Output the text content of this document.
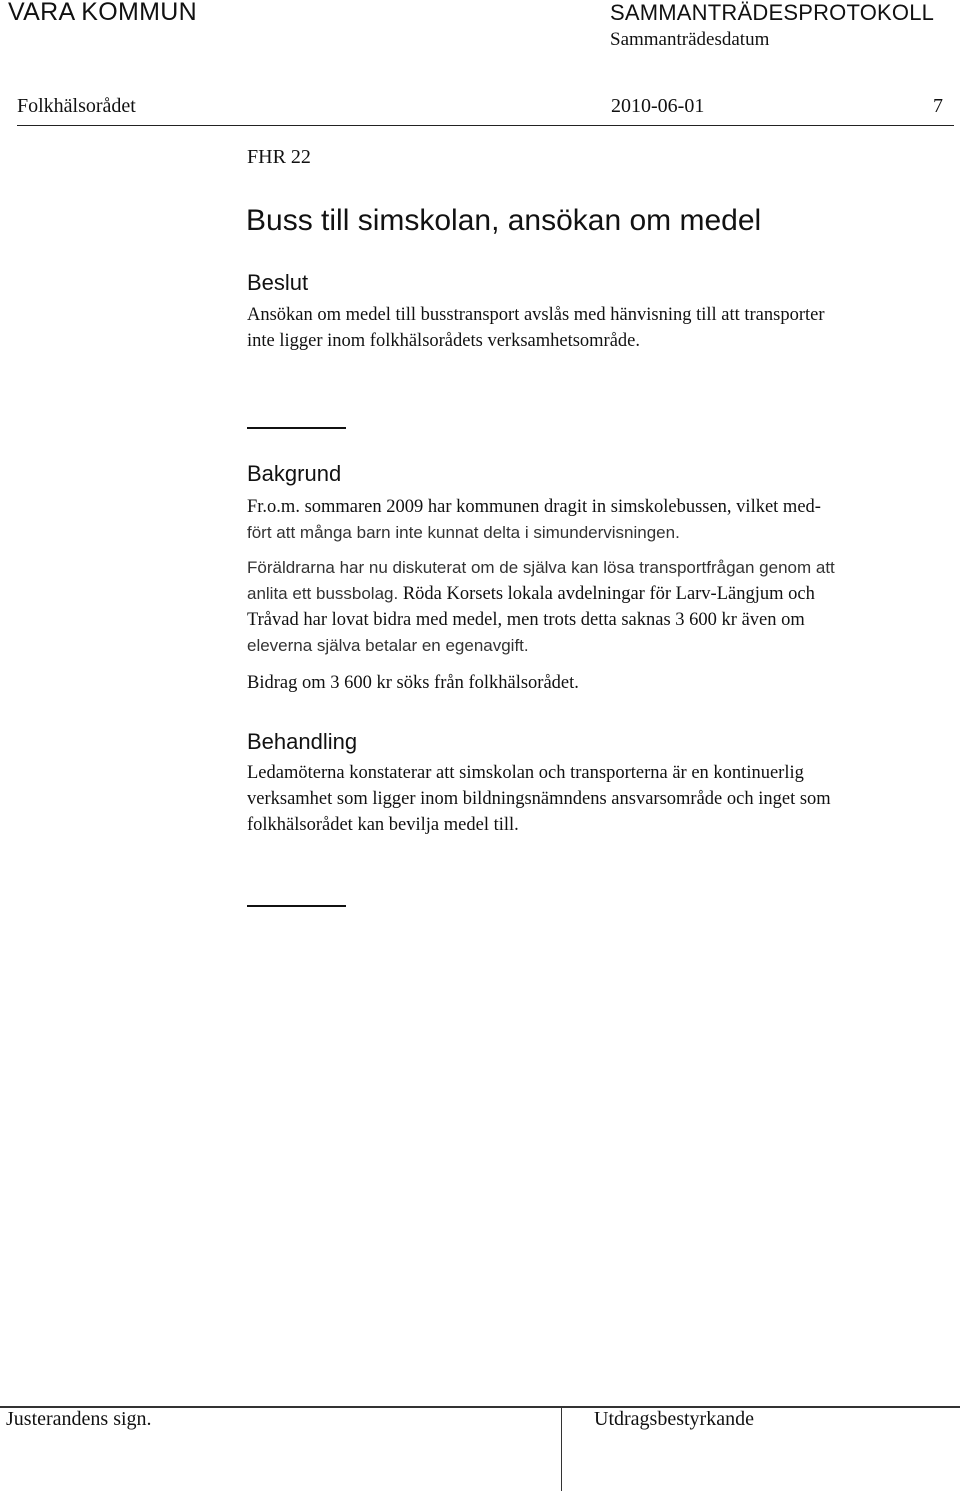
VARA KOMMUN	SAMMANTRÄDESPROTOKOLL
Sammanträdesdatum
Folkhälsorådet	2010-06-01	7
FHR 22
Buss till simskolan, ansökan om medel
Beslut
Ansökan om medel till busstransport avslås med hänvisning till att transporter
inte ligger inom folkhälsorådets verksamhetsområde.
Bakgrund
Fr.o.m. sommaren 2009 har kommunen dragit in simskolebussen, vilket med-
fört att många barn inte kunnat delta i simundervisningen.
Föräldrarna har nu diskuterat om de själva kan lösa transportfrågan genom att
anlita ett bussbolag. Röda Korsets lokala avdelningar för Larv-Längjum och
Tråvad har lovat bidra med medel, men trots detta saknas 3 600 kr även om
eleverna själva betalar en egenavgift.
Bidrag om 3 600 kr söks från folkhälsorådet.
Behandling
Ledamöterna konstaterar att simskolan och transporterna är en kontinuerlig
verksamhet som ligger inom bildningsnämndens ansvarsområde och inget som
folkhälsorådet kan bevilja medel till.
Justerandens sign.	Utdragsbestyrkande
